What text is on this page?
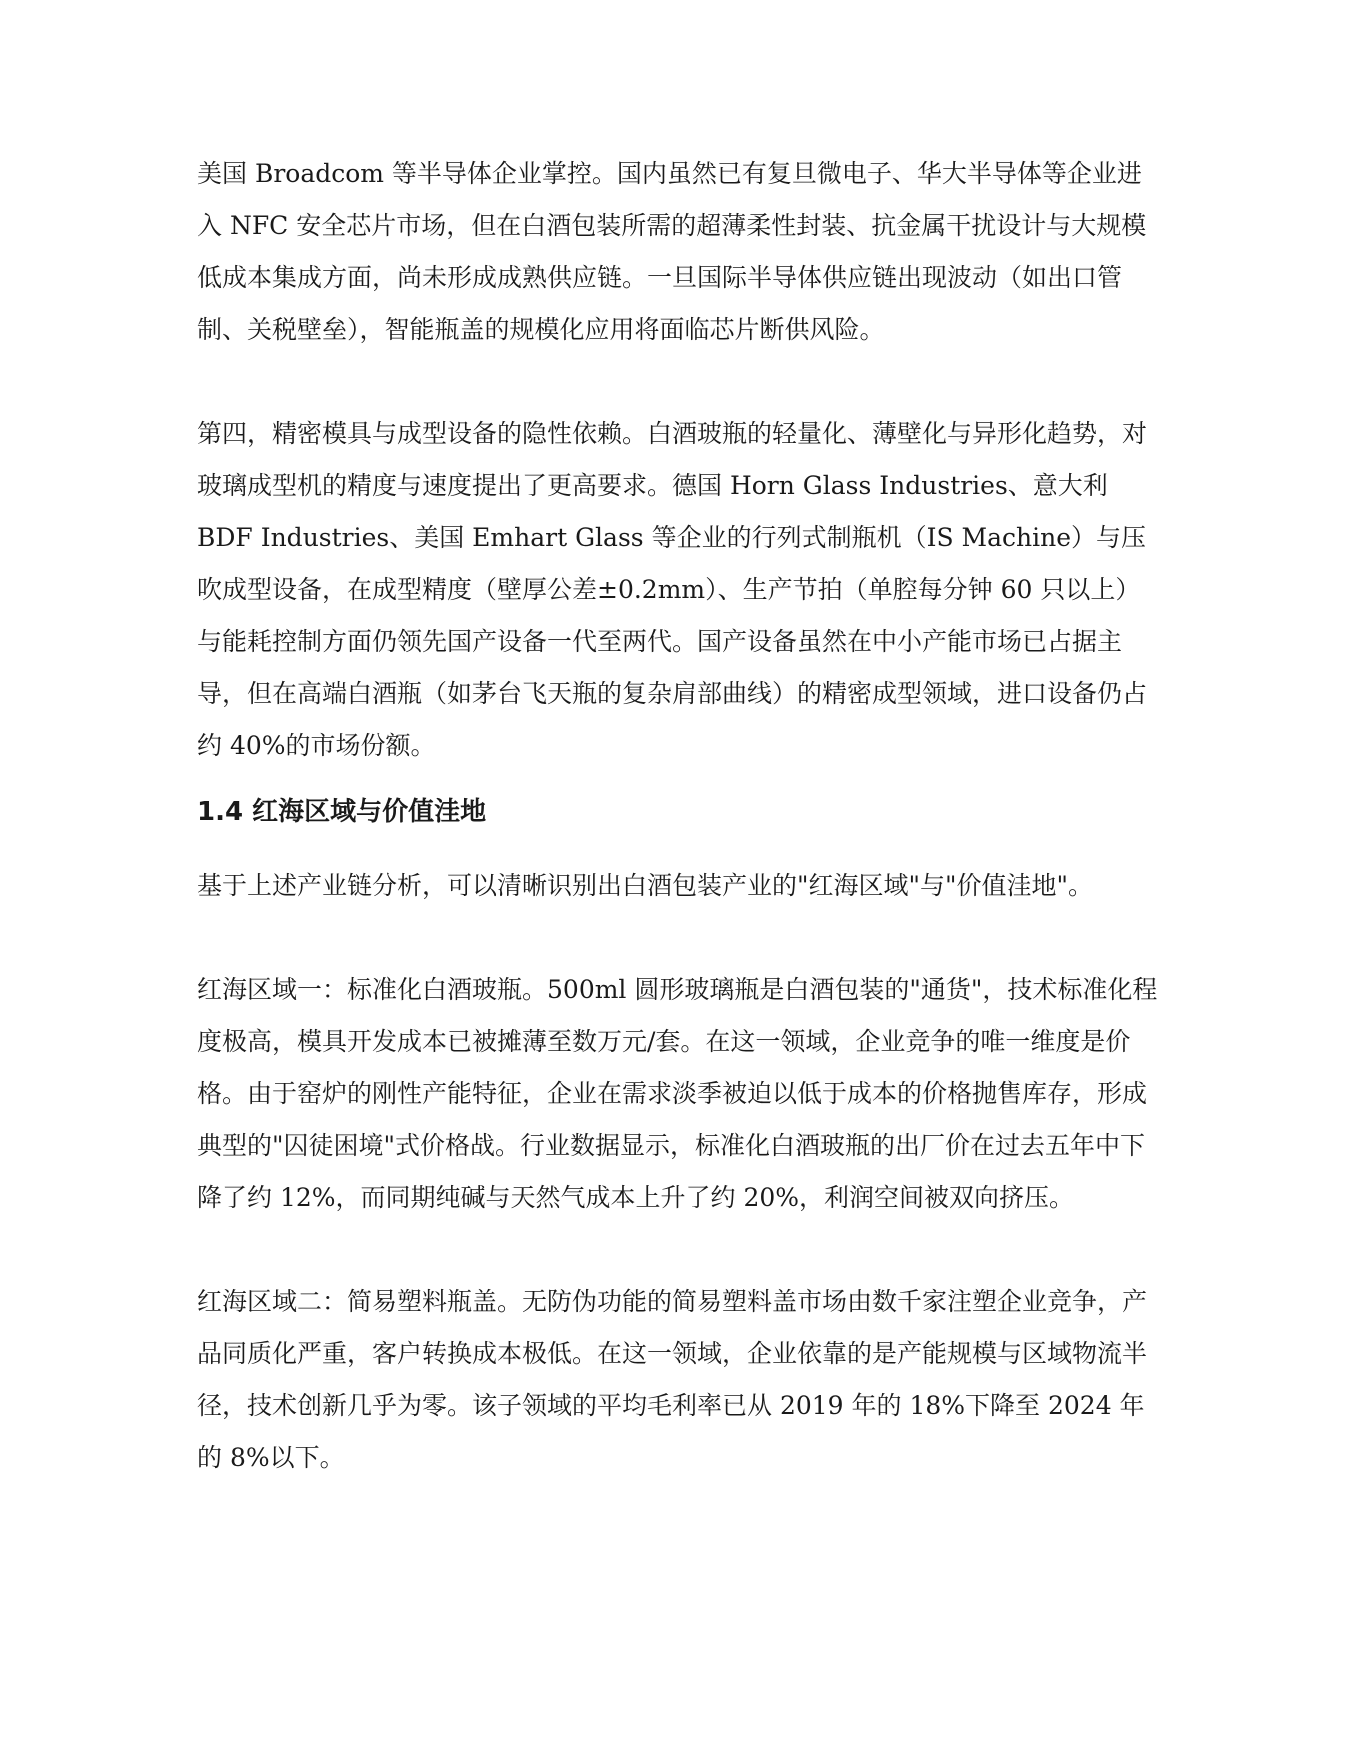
美国 Broadcom 等半导体企业掌控。国内虽然已有复旦微电子、华大半导体等企业进入 NFC 安全芯片市场，但在白酒包装所需的超薄柔性封装、抗金属干扰设计与大规模低成本集成方面，尚未形成成熟供应链。一旦国际半导体供应链出现波动（如出口管制、关税壁垒），智能瓶盖的规模化应用将面临芯片断供风险。

第四，精密模具与成型设备的隐性依赖。白酒玻瓶的轻量化、薄壁化与异形化趋势，对玻璃成型机的精度与速度提出了更高要求。德国 Horn Glass Industries、意大利 BDF Industries、美国 Emhart Glass 等企业的行列式制瓶机（IS Machine）与压吹成型设备，在成型精度（壁厚公差±0.2mm）、生产节拍（单腔每分钟 60 只以上）与能耗控制方面仍领先国产设备一代至两代。国产设备虽然在中小产能市场已占据主导，但在高端白酒瓶（如茅台飞天瓶的复杂肩部曲线）的精密成型领域，进口设备仍占约 40%的市场份额。

1.4 红海区域与价值洼地

基于上述产业链分析，可以清晰识别出白酒包装产业的"红海区域"与"价值洼地"。

红海区域一：标准化白酒玻瓶。500ml 圆形玻璃瓶是白酒包装的"通货"，技术标准化程度极高，模具开发成本已被摊薄至数万元/套。在这一领域，企业竞争的唯一维度是价格。由于窑炉的刚性产能特征，企业在需求淡季被迫以低于成本的价格抛售库存，形成典型的"囚徒困境"式价格战。行业数据显示，标准化白酒玻瓶的出厂价在过去五年中下降了约 12%，而同期纯碱与天然气成本上升了约 20%，利润空间被双向挤压。

红海区域二：简易塑料瓶盖。无防伪功能的简易塑料盖市场由数千家注塑企业竞争，产品同质化严重，客户转换成本极低。在这一领域，企业依靠的是产能规模与区域物流半径，技术创新几乎为零。该子领域的平均毛利率已从 2019 年的 18%下降至 2024 年的 8%以下。
